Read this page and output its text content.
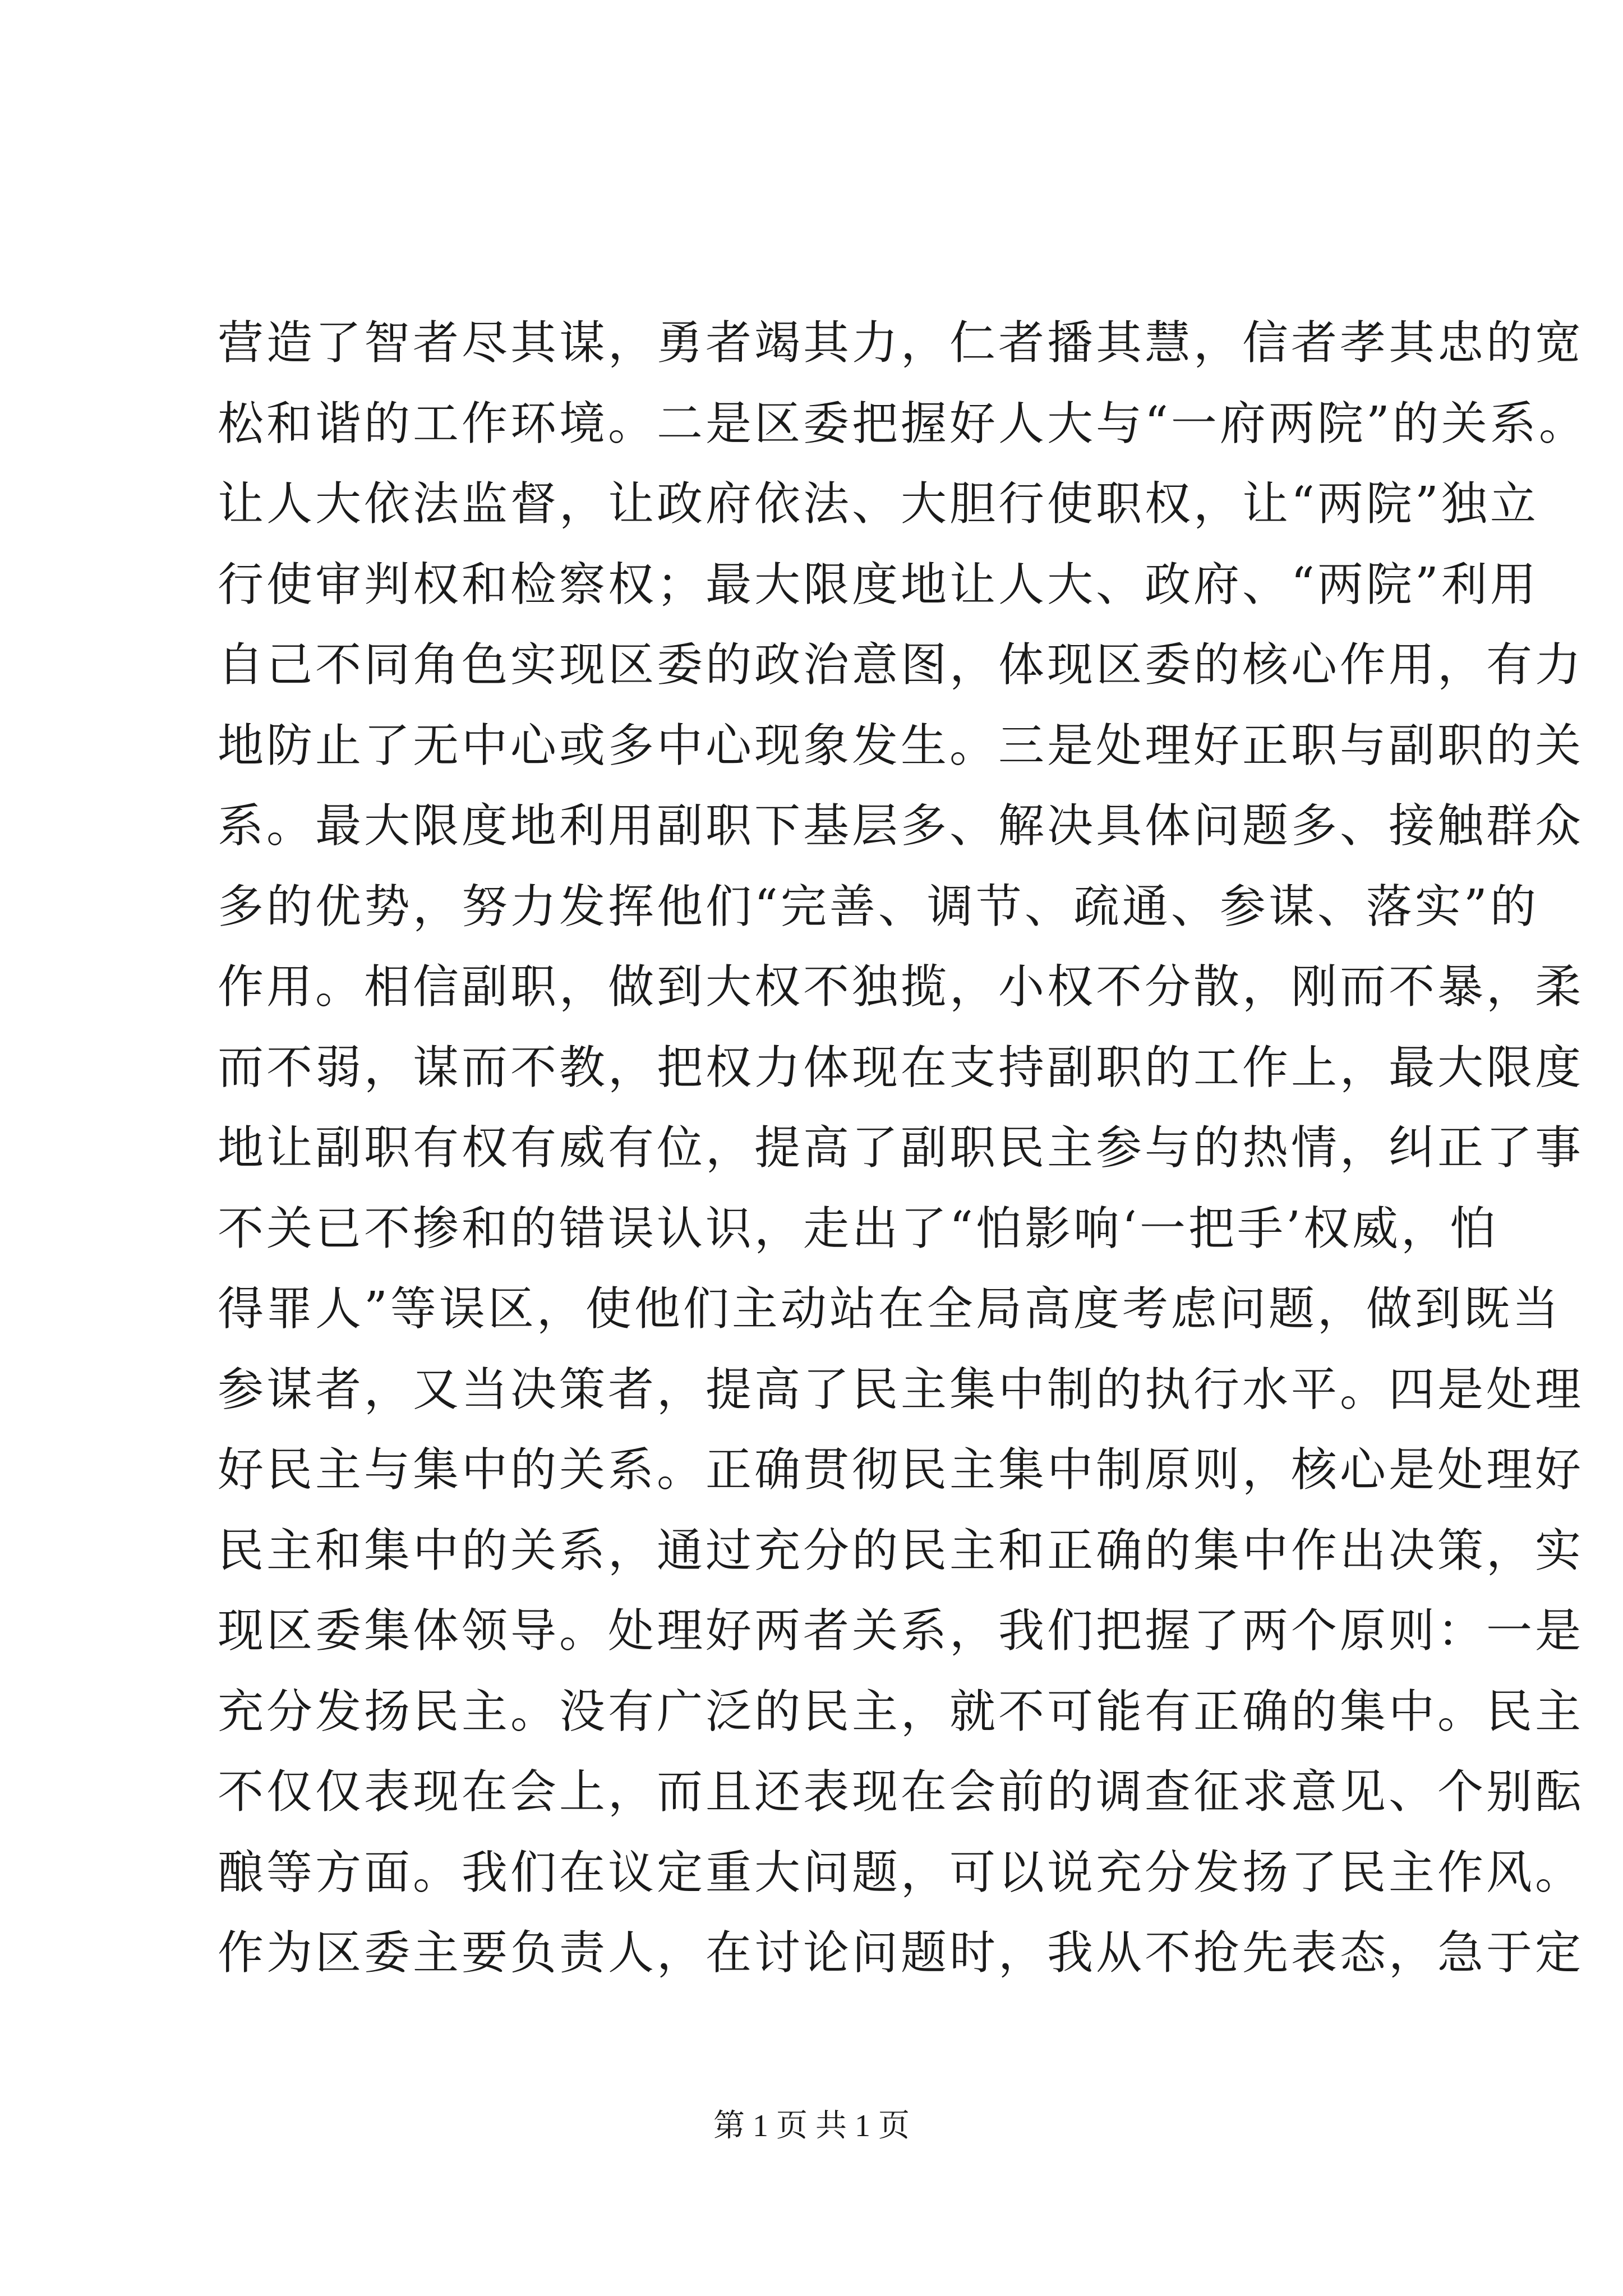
营造了智者尽其谋，勇者竭其力，仁者播其慧，信者孝其忠的宽
松和谐的工作环境。二是区委把握好人大与“一府两院”的关系。
让人大依法监督，让政府依法、大胆行使职权，让“两院”独立
行使审判权和检察权；最大限度地让人大、政府、“两院”利用
自己不同角色实现区委的政治意图，体现区委的核心作用，有力
地防止了无中心或多中心现象发生。三是处理好正职与副职的关
系。最大限度地利用副职下基层多、解决具体问题多、接触群众
多的优势，努力发挥他们“完善、调节、疏通、参谋、落实”的
作用。相信副职，做到大权不独揽，小权不分散，刚而不暴，柔
而不弱，谋而不教，把权力体现在支持副职的工作上，最大限度
地让副职有权有威有位，提高了副职民主参与的热情，纠正了事
不关已不掺和的错误认识，走出了“怕影响‘一把手’权威，怕
得罪人”等误区，使他们主动站在全局高度考虑问题，做到既当
参谋者，又当决策者，提高了民主集中制的执行水平。四是处理
好民主与集中的关系。正确贯彻民主集中制原则，核心是处理好
民主和集中的关系，通过充分的民主和正确的集中作出决策，实
现区委集体领导。处理好两者关系，我们把握了两个原则：一是
充分发扬民主。没有广泛的民主，就不可能有正确的集中。民主
不仅仅表现在会上，而且还表现在会前的调查征求意见、个别酝
酿等方面。我们在议定重大问题，可以说充分发扬了民主作风。
作为区委主要负责人，在讨论问题时，我从不抢先表态，急于定
第 1 页 共 1 页
